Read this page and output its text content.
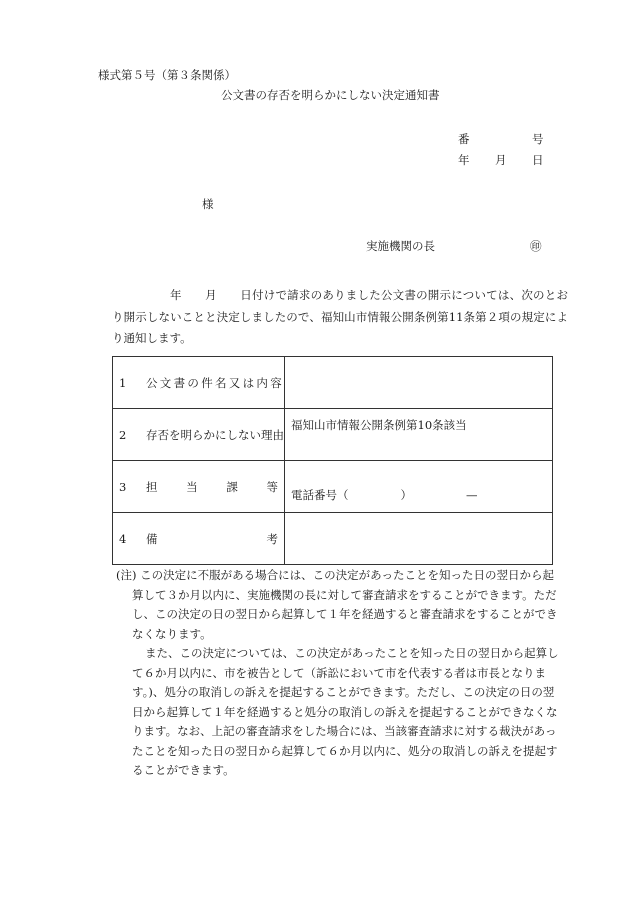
様式第５号（第３条関係）
公文書の存否を明らかにしない決定通知書
番	号
年 月 日
様
実施機関の長	㊞
年　　月　　日付けで請求のありました公文書の開示については、次のとお
り開示しないことと決定しましたので、福知山市情報公開条例第11条第２項の規定によ
り通知します。
1 公文書の件名又は内容	

2 存否を明らかにしない理由	福知山市情報公開条例第10条該当

3 担 当 課 等	電話番号（ ） —

4 備 考	

(注) この決定に不服がある場合には、この決定があったことを知った日の翌日から起
算して３か月以内に、実施機関の長に対して審査請求をすることができます。ただ
し、この決定の日の翌日から起算して１年を経過すると審査請求をすることができ
なくなります。
また、この決定については、この決定があったことを知った日の翌日から起算し
て６か月以内に、市を被告として（訴訟において市を代表する者は市長となりま
す。)、処分の取消しの訴えを提起することができます。ただし、この決定の日の翌
日から起算して１年を経過すると処分の取消しの訴えを提起することができなくな
ります。なお、上記の審査請求をした場合には、当該審査請求に対する裁決があっ
たことを知った日の翌日から起算して６か月以内に、処分の取消しの訴えを提起す
ることができます。
